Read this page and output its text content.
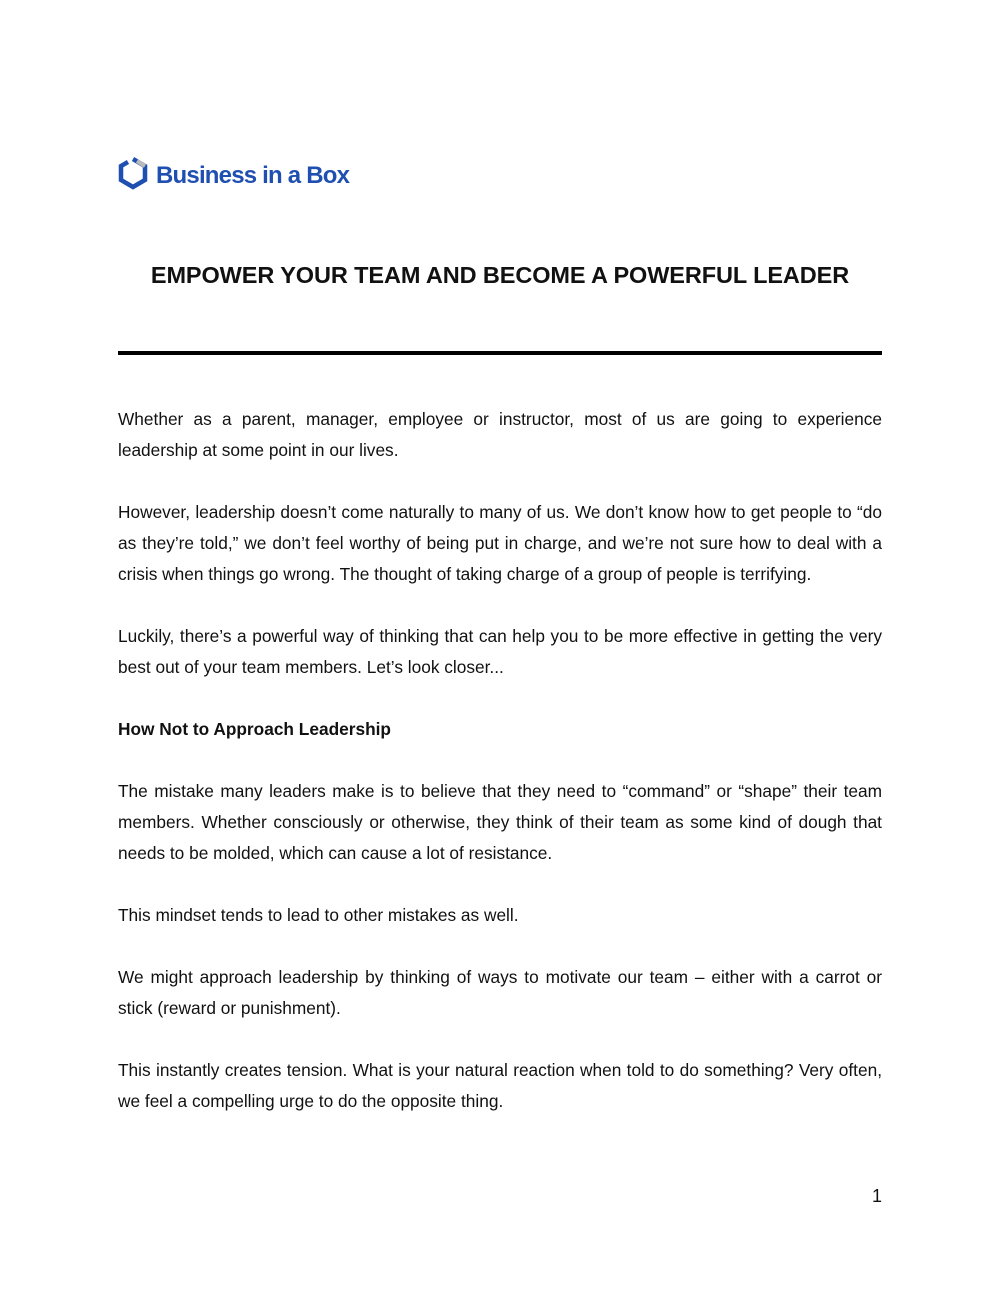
Business in a Box
EMPOWER YOUR TEAM AND BECOME A POWERFUL LEADER

Whether as a parent, manager, employee or instructor, most of us are going to experience leadership at some point in our lives.

However, leadership doesn’t come naturally to many of us. We don’t know how to get people to “do as they’re told,” we don’t feel worthy of being put in charge, and we’re not sure how to deal with a crisis when things go wrong. The thought of taking charge of a group of people is terrifying.

Luckily, there’s a powerful way of thinking that can help you to be more effective in getting the very best out of your team members. Let’s look closer...

How Not to Approach Leadership

The mistake many leaders make is to believe that they need to “command” or “shape” their team members. Whether consciously or otherwise, they think of their team as some kind of dough that needs to be molded, which can cause a lot of resistance.

This mindset tends to lead to other mistakes as well.

We might approach leadership by thinking of ways to motivate our team – either with a carrot or stick (reward or punishment).

This instantly creates tension. What is your natural reaction when told to do something? Very often, we feel a compelling urge to do the opposite thing.

1
